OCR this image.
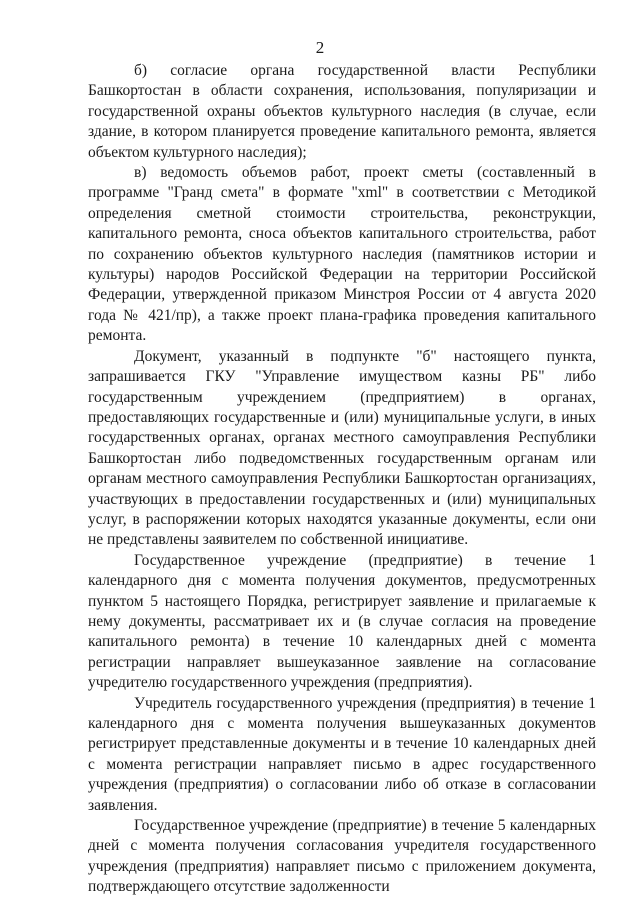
2

б) согласие органа государственной власти Республики Башкортостан в области сохранения, использования, популяризации и государственной охраны объектов культурного наследия (в случае, если здание, в котором планируется проведение капитального ремонта, является объектом культурного наследия);

в) ведомость объемов работ, проект сметы (составленный в программе "Гранд смета" в формате "xml" в соответствии с Методикой определения сметной стоимости строительства, реконструкции, капитального ремонта, сноса объектов капитального строительства, работ по сохранению объектов культурного наследия (памятников истории и культуры) народов Российской Федерации на территории Российской Федерации, утвержденной приказом Минстроя России от 4 августа 2020 года № 421/пр), а также проект плана-графика проведения капитального ремонта.

Документ, указанный в подпункте "б" настоящего пункта, запрашивается ГКУ "Управление имуществом казны РБ" либо государственным учреждением (предприятием) в органах, предоставляющих государственные и (или) муниципальные услуги, в иных государственных органах, органах местного самоуправления Республики Башкортостан либо подведомственных государственным органам или органам местного самоуправления Республики Башкортостан организациях, участвующих в предоставлении государственных и (или) муниципальных услуг, в распоряжении которых находятся указанные документы, если они не представлены заявителем по собственной инициативе.

Государственное учреждение (предприятие) в течение 1 календарного дня с момента получения документов, предусмотренных пунктом 5 настоящего Порядка, регистрирует заявление и прилагаемые к нему документы, рассматривает их и (в случае согласия на проведение капитального ремонта) в течение 10 календарных дней с момента регистрации направляет вышеуказанное заявление на согласование учредителю государственного учреждения (предприятия).

Учредитель государственного учреждения (предприятия) в течение 1 календарного дня с момента получения вышеуказанных документов регистрирует представленные документы и в течение 10 календарных дней с момента регистрации направляет письмо в адрес государственного учреждения (предприятия) о согласовании либо об отказе в согласовании заявления.

Государственное учреждение (предприятие) в течение 5 календарных дней с момента получения согласования учредителя государственного учреждения (предприятия) направляет письмо с приложением документа, подтверждающего отсутствие задолженности
